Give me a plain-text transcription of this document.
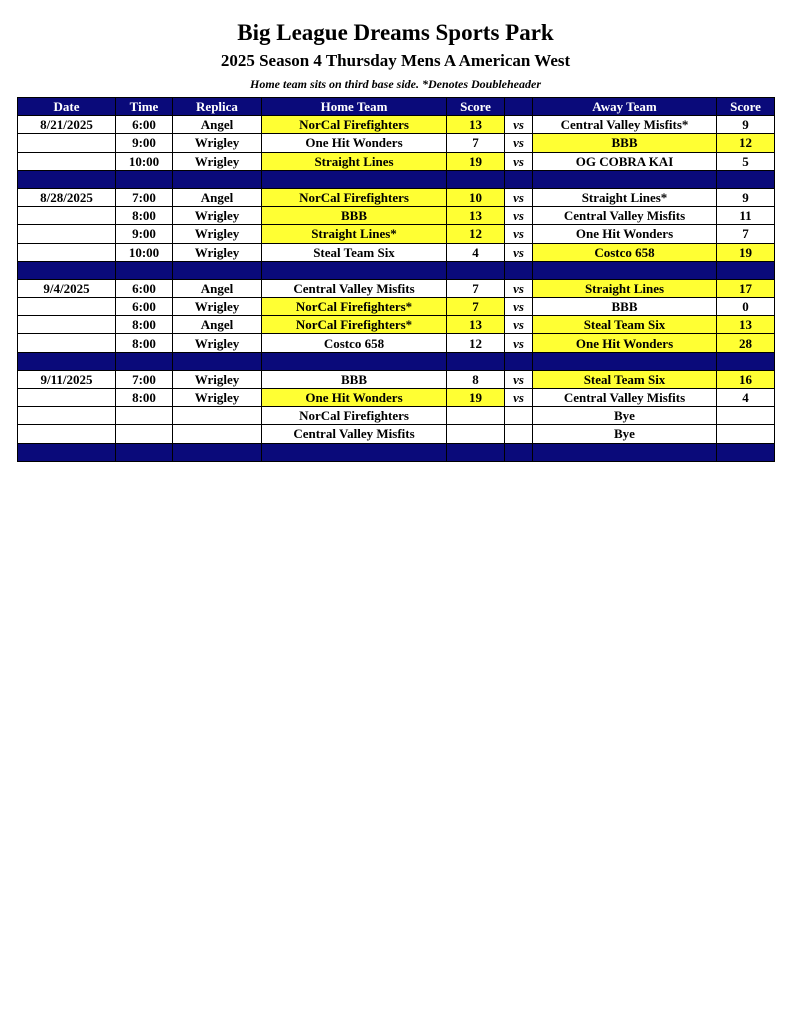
Big League Dreams Sports Park
2025 Season 4 Thursday Mens A American West
Home team sits on third base side. *Denotes Doubleheader
Date	Time	Replica	Home Team	Score		Away Team	Score
8/21/2025	6:00	Angel	NorCal Firefighters	13	vs	Central Valley Misfits*	9
	9:00	Wrigley	One Hit Wonders	7	vs	BBB	12
	10:00	Wrigley	Straight Lines	19	vs	OG COBRA KAI	5

8/28/2025	7:00	Angel	NorCal Firefighters	10	vs	Straight Lines*	9
	8:00	Wrigley	BBB	13	vs	Central Valley Misfits	11
	9:00	Wrigley	Straight Lines*	12	vs	One Hit Wonders	7
	10:00	Wrigley	Steal Team Six	4	vs	Costco 658	19

9/4/2025	6:00	Angel	Central Valley Misfits	7	vs	Straight Lines	17
	6:00	Wrigley	NorCal Firefighters*	7	vs	BBB	0
	8:00	Angel	NorCal Firefighters*	13	vs	Steal Team Six	13
	8:00	Wrigley	Costco 658	12	vs	One Hit Wonders	28

9/11/2025	7:00	Wrigley	BBB	8	vs	Steal Team Six	16
	8:00	Wrigley	One Hit Wonders	19	vs	Central Valley Misfits	4
			NorCal Firefighters			Bye	
			Central Valley Misfits			Bye	
